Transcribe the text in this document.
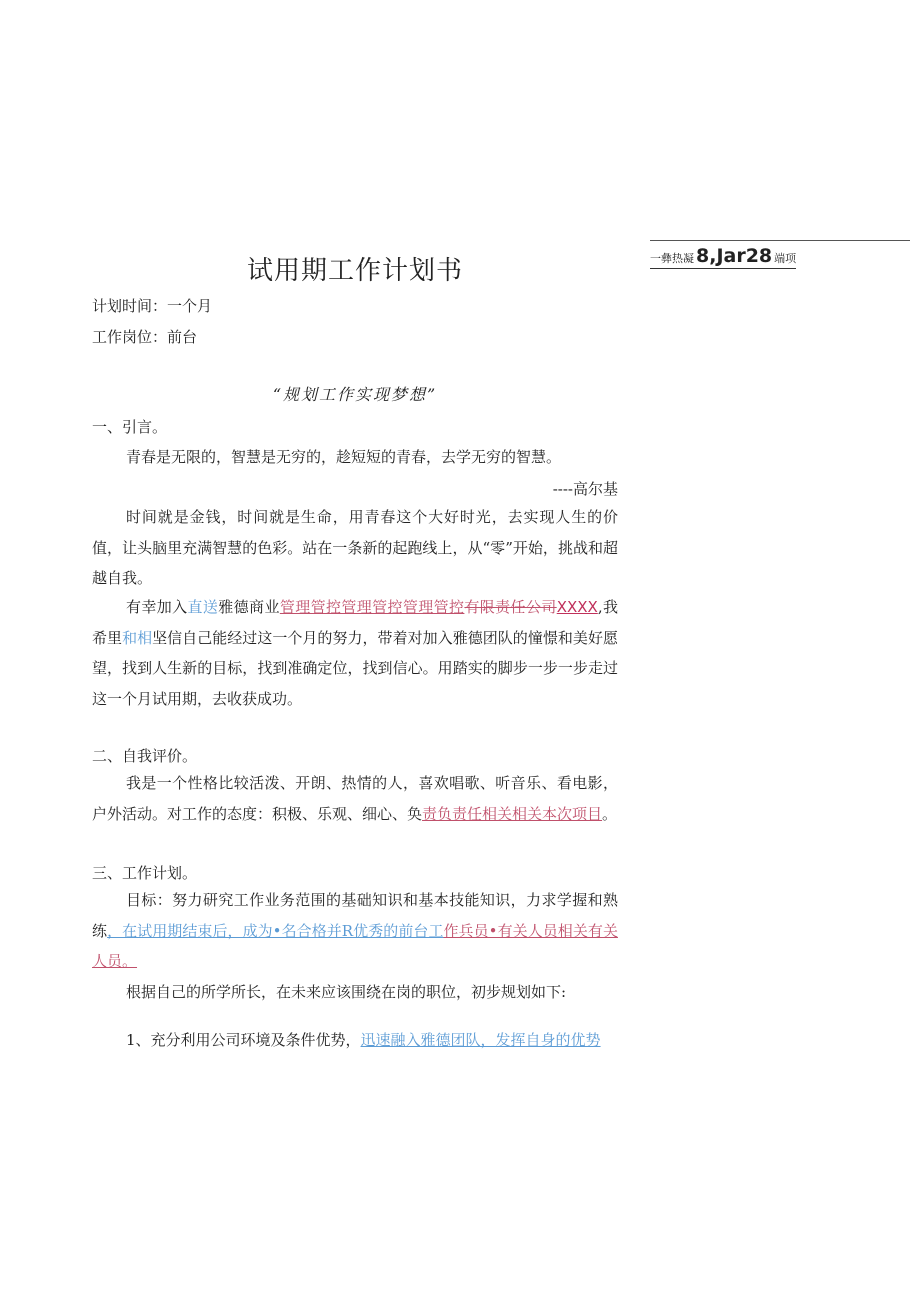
一彝热凝 8,Jar28 端项
试用期工作计划书
计划时间：一个月
工作岗位：前台
“规划工作实现梦想”
一、引言。

青春是无限的，智慧是无穷的，趁短短的青春，去学无穷的智慧。

----高尔基

时间就是金钱，时间就是生命，用青春这个大好时光，去实现人生的价值，让头脑里充满智慧的色彩。站在一条新的起跑线上，从“零”开始，挑战和超越自我。

有幸加入直送雅德商业管理管控管理管控管理管控有限责任公司XXXX,我希里和相坚信自己能经过这一个月的努力，带着对加入雅德团队的憧憬和美好愿望，找到人生新的目标，找到准确定位，找到信心。用踏实的脚步一步一步走过这一个月试用期，去收获成功。

二、自我评价。

我是一个性格比较活泼、开朗、热情的人，喜欢唱歌、听音乐、看电影，户外活动。对工作的态度：积极、乐观、细心、奂责负责任相关相关本次项目。

三、工作计划。

目标：努力研究工作业务范围的基础知识和基本技能知识，力求学握和熟练，在试用期结束后，成为•名合格并R优秀的前台工作兵员•有关人员相关有关人员。

根据自己的所学所长，在未来应该围绕在岗的职位，初步规划如下:

1、充分利用公司环境及条件优势，迅速融入雅德团队，发挥自身的优势
